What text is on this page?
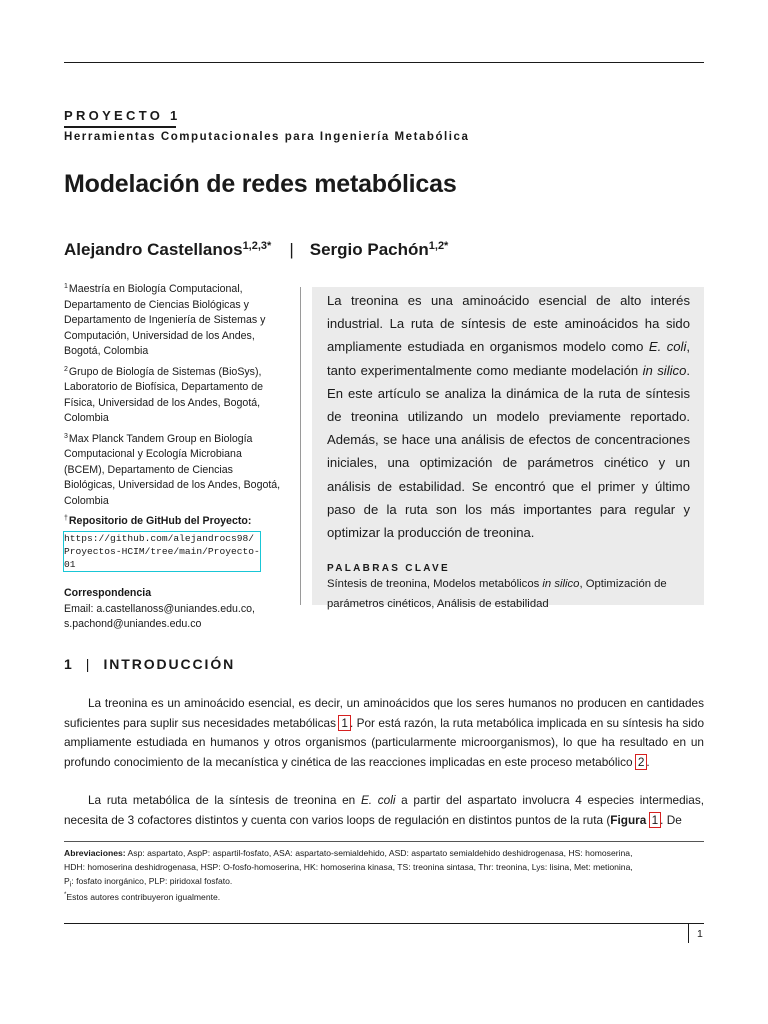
PROYECTO 1
Herramientas Computacionales para Ingeniería Metabólica
Modelación de redes metabólicas
Alejandro Castellanos$^{1,2,3*}$ | Sergio Pachón$^{1,2*}$
$^1$Maestría en Biología Computacional, Departamento de Ciencias Biológicas y Departamento de Ingeniería de Sistemas y Computación, Universidad de los Andes, Bogotá, Colombia
$^2$Grupo de Biología de Sistemas (BioSys), Laboratorio de Biofísica, Departamento de Física, Universidad de los Andes, Bogotá, Colombia
$^3$Max Planck Tandem Group en Biología Computacional y Ecología Microbiana (BCEM), Departamento de Ciencias Biológicas, Universidad de los Andes, Bogotá, Colombia
†Repositorio de GitHub del Proyecto:
https://github.com/alejandrocs98/
Proyectos-HCIM/tree/main/Proyecto-
01
Correspondencia
Email: a.castellanoss@uniandes.edu.co,
s.pachond@uniandes.edu.co
La treonina es una aminoácido esencial de alto interés industrial. La ruta de síntesis de este aminoácidos ha sido ampliamente estudiada en organismos modelo como E. coli, tanto experimentalmente como mediante modelación in silico. En este artículo se analiza la dinámica de la ruta de síntesis de treonina utilizando un modelo previamente reportado. Además, se hace una análisis de efectos de concentraciones iniciales, una optimización de parámetros cinético y un análisis de estabilidad. Se encontró que el primer y último paso de la ruta son los más importantes para regular y optimizar la producción de treonina.
PALABRAS CLAVE
Síntesis de treonina, Modelos metabólicos in silico, Optimización de parámetros cinéticos, Análisis de estabilidad
1 | INTRODUCCIÓN

La treonina es un aminoácido esencial, es decir, un aminoácidos que los seres humanos no producen en cantidades suficientes para suplir sus necesidades metabólicas 1 . Por está razón, la ruta metabólica implicada en su síntesis ha sido ampliamente estudiada en humanos y otros organismos (particularmente microorganismos), lo que ha resultado en un profundo conocimiento de la mecanística y cinética de las reacciones implicadas en este proceso metabólico 2 .

La ruta metabólica de la síntesis de treonina en E. coli a partir del aspartato involucra 4 especies intermedias, necesita de 3 cofactores distintos y cuenta con varios loops de regulación en distintos puntos de la ruta (Figura 1 . De

Abreviaciones: Asp: aspartato, AspP: aspartil-fosfato, ASA: aspartato-semialdehido, ASD: aspartato semialdehido deshidrogenasa, HS: homoserina, HDH: homoserina deshidrogenasa, HSP: O-fosfo-homoserina, HK: homoserina kinasa, TS: treonina sintasa, Thr: treonina, Lys: lisina, Met: metionina, $P_i$: fosfato inorgánico, PLP: piridoxal fosfato.
*Estos autores contribuyeron igualmente.
1
